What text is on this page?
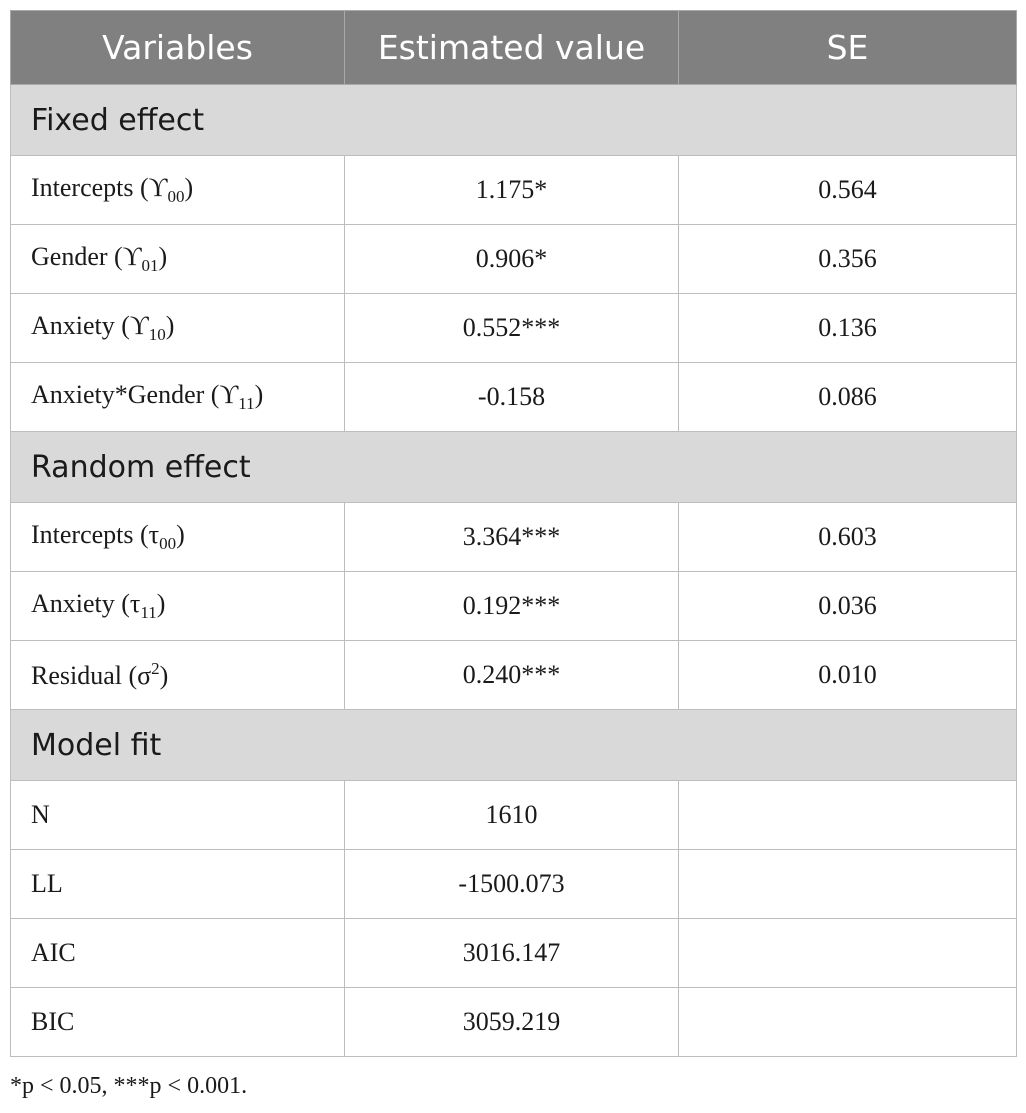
Variables	Estimated value	SE
Fixed effect		
Intercepts $(ϒ_{00})$	1.175*	0.564
Gender $(ϒ_{01})$	0.906*	0.356
Anxiety $(ϒ_{10})$	0.552***	0.136
Anxiety*Gender $(ϒ_{11})$	-0.158	0.086
Random effect		
Intercepts $(\tau_{00})$	3.364***	0.603
Anxiety $(\tau_{11})$	0.192***	0.036
Residual $(\sigma^2)$	0.240***	0.010
Model fit		
N	1610	
LL	-1500.073	
AIC	3016.147	
BIC	3059.219	
*p < 0.05, ***p < 0.001.
